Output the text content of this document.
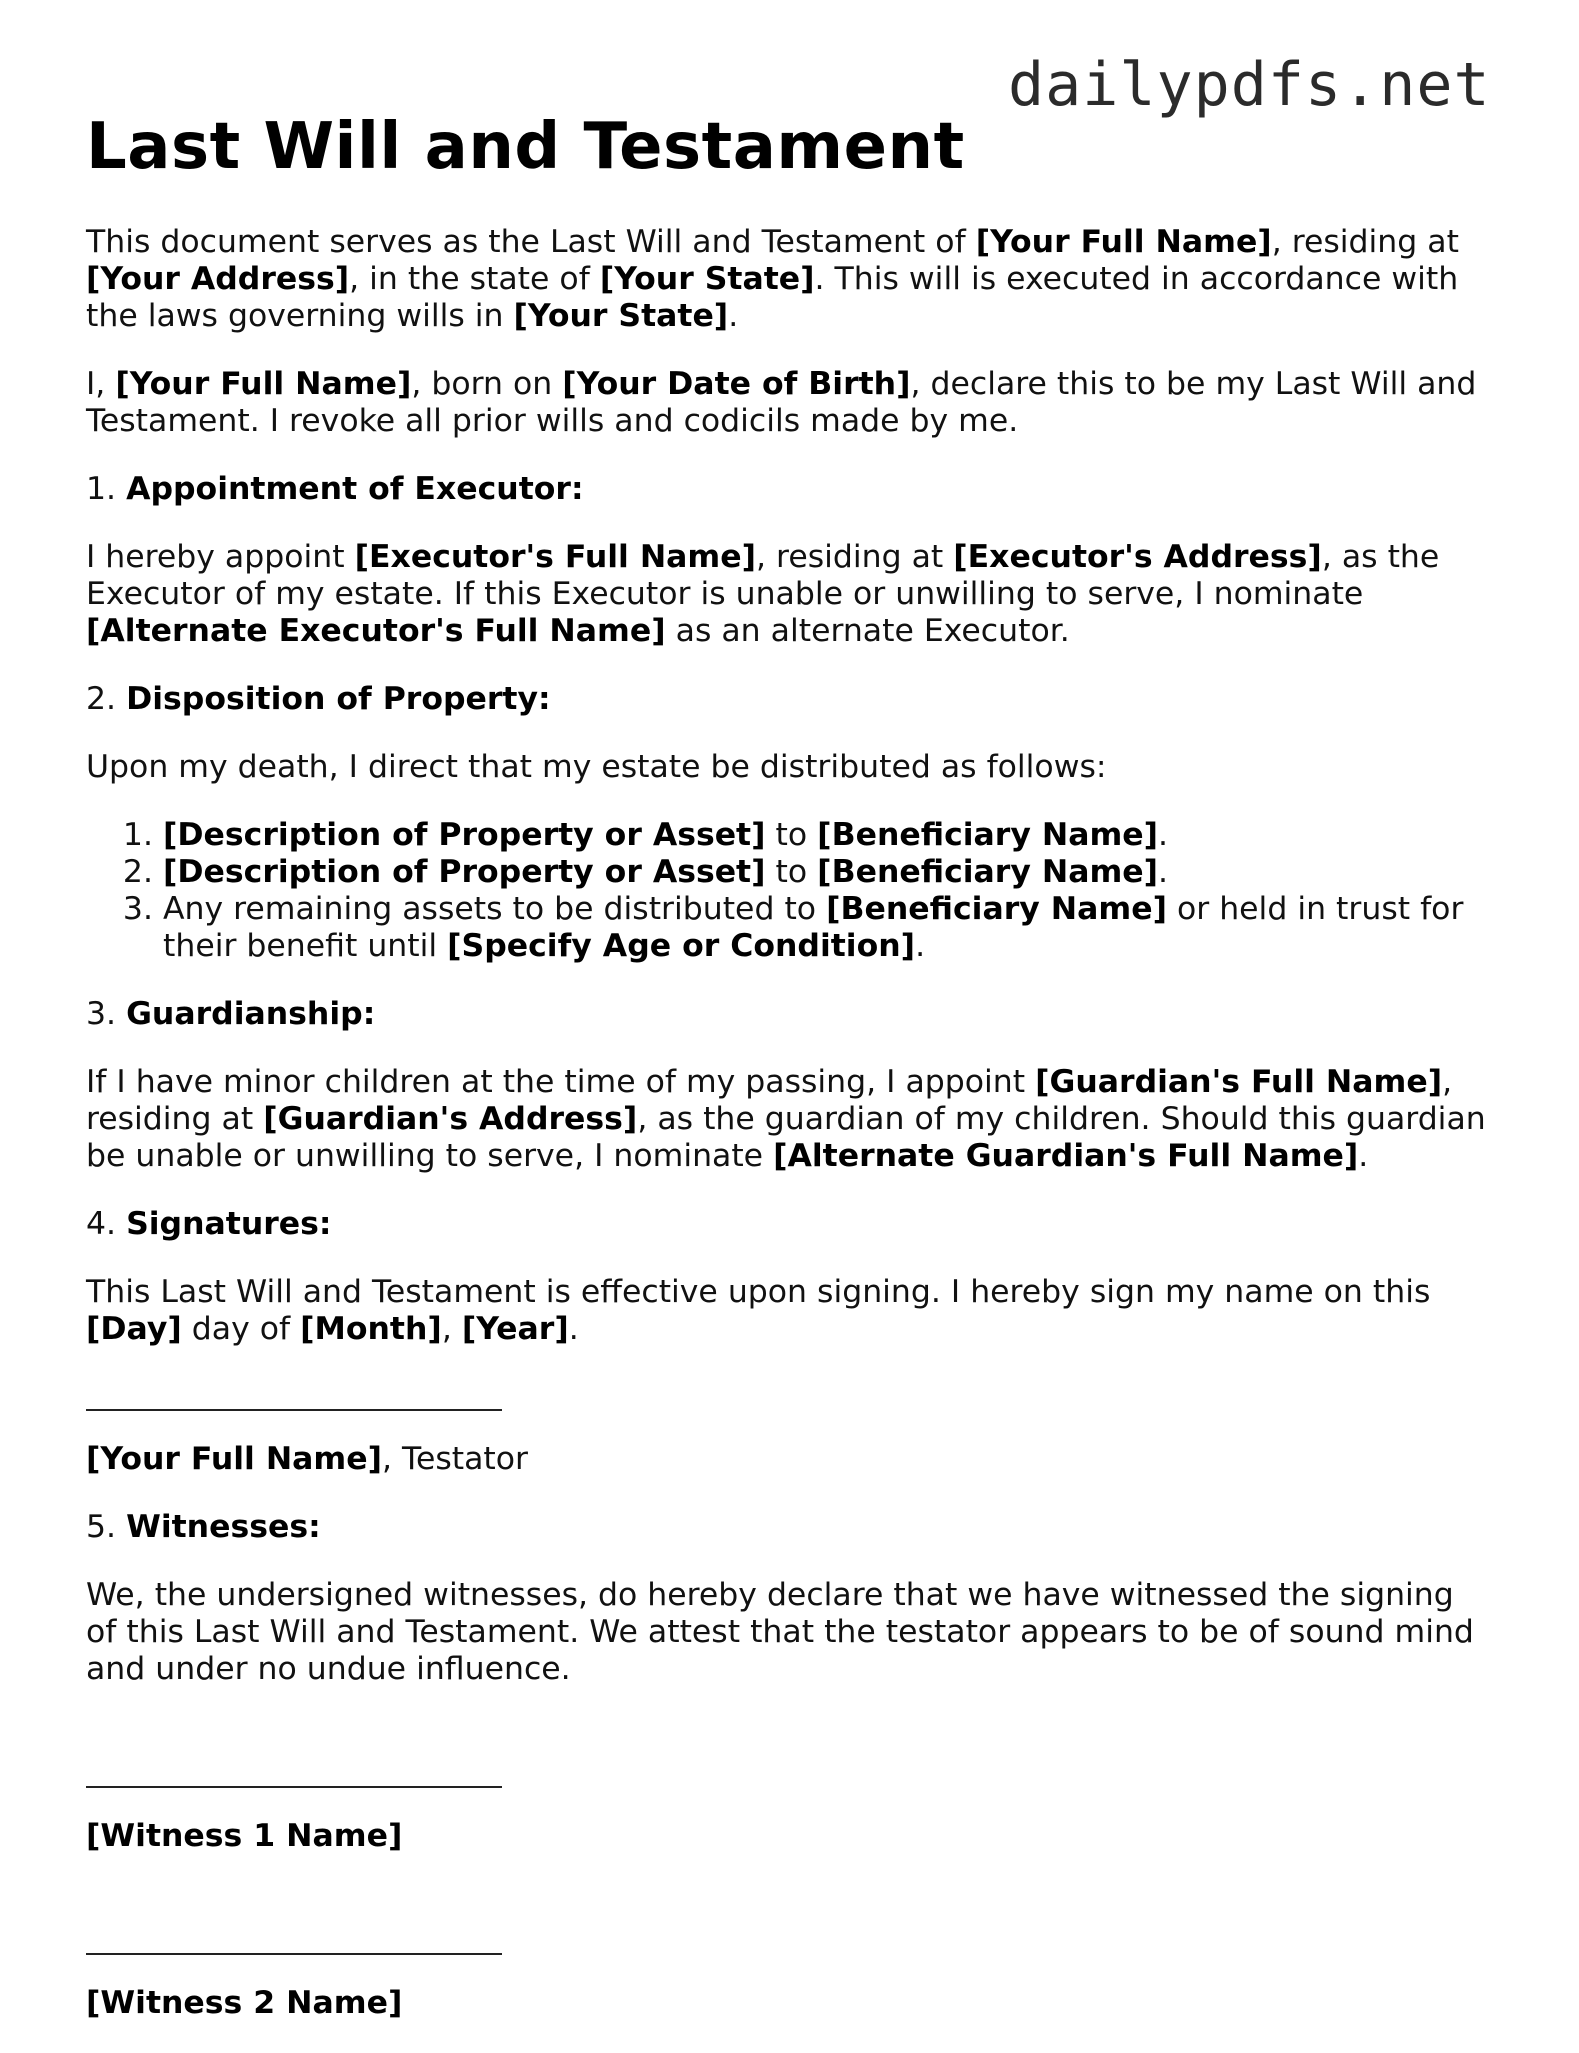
dailypdfs.net
Last Will and Testament

This document serves as the Last Will and Testament of [Your Full Name], residing at [Your Address], in the state of [Your State]. This will is executed in accordance with the laws governing wills in [Your State].

I, [Your Full Name], born on [Your Date of Birth], declare this to be my Last Will and Testament. I revoke all prior wills and codicils made by me.

1. Appointment of Executor:

I hereby appoint [Executor's Full Name], residing at [Executor's Address], as the Executor of my estate. If this Executor is unable or unwilling to serve, I nominate [Alternate Executor's Full Name] as an alternate Executor.

2. Disposition of Property:

Upon my death, I direct that my estate be distributed as follows:

1. [Description of Property or Asset] to [Beneficiary Name].
2. [Description of Property or Asset] to [Beneficiary Name].
3. Any remaining assets to be distributed to [Beneficiary Name] or held in trust for their benefit until [Specify Age or Condition].

3. Guardianship:

If I have minor children at the time of my passing, I appoint [Guardian's Full Name], residing at [Guardian's Address], as the guardian of my children. Should this guardian be unable or unwilling to serve, I nominate [Alternate Guardian's Full Name].

4. Signatures:

This Last Will and Testament is effective upon signing. I hereby sign my name on this [Day] day of [Month], [Year].

[Your Full Name], Testator

5. Witnesses:

We, the undersigned witnesses, do hereby declare that we have witnessed the signing of this Last Will and Testament. We attest that the testator appears to be of sound mind and under no undue influence.

[Witness 1 Name]

[Witness 2 Name]
